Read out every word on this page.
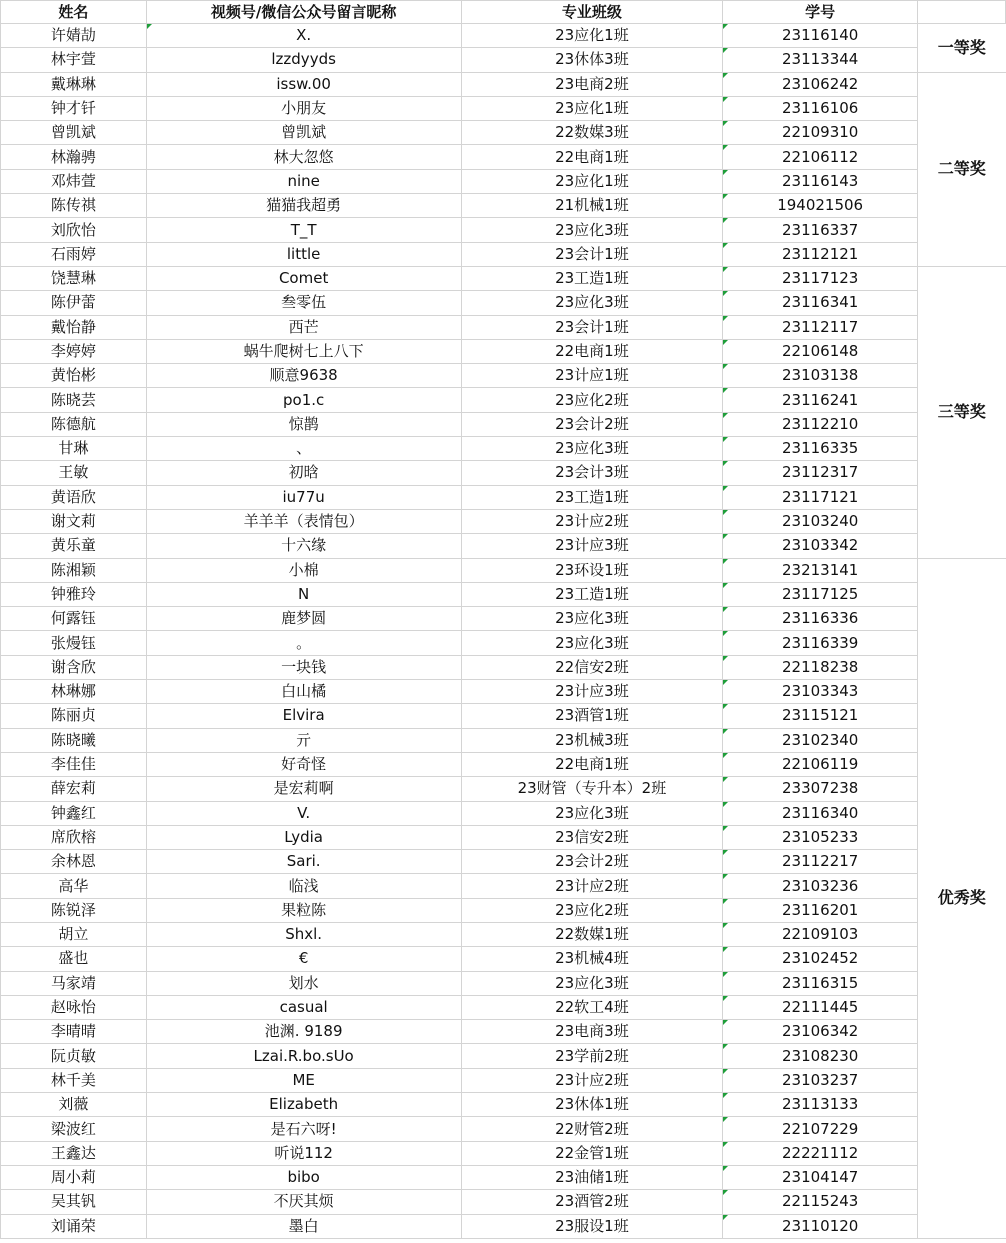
姓名	视频号/微信公众号留言昵称	专业班级	学号	
许婧劼	X.	23应化1班	23116140	一等奖
林宇萱	lzzdyyds	23休体3班	23113344	
戴琳琳	issw.00	23电商2班	23106242	二等奖
钟才钎	小朋友	23应化1班	23116106	
曾凯斌	曾凯斌	22数媒3班	22109310	
林瀚骋	林大忽悠	22电商1班	22106112	
邓炜萱	nine	23应化1班	23116143	
陈传祺	猫猫我超勇	21机械1班	194021506	
刘欣怡	T_T	23应化3班	23116337	
石雨婷	little	23会计1班	23112121	
饶慧琳	Comet	23工造1班	23117123	三等奖
陈伊蕾	叁零伍	23应化3班	23116341	
戴怡静	西芒	23会计1班	23112117	
李婷婷	蜗牛爬树七上八下	22电商1班	22106148	
黄怡彬	顺意9638	23计应1班	23103138	
陈晓芸	po1.c	23应化2班	23116241	
陈德航	惊鹊	23会计2班	23112210	
甘琳	、	23应化3班	23116335	
王敏	初晗	23会计3班	23112317	
黄语欣	iu77u	23工造1班	23117121	
谢文莉	羊羊羊（表情包）	23计应2班	23103240	
黄乐童	十六缘	23计应3班	23103342	
陈湘颖	小棉	23环设1班	23213141	优秀奖
钟雅玲	N	23工造1班	23117125	
何露钰	鹿梦⁠圆	23应化3班	23116336	
张熳钰	。	23应化3班	23116339	
谢含欣	一块钱	22信安2班	22118238	
林琳娜	白山橘	23计应3班	23103343	
陈丽贞	Elvira	23酒管1班	23115121	
陈晓曦	亓	23机械3班	23102340	
李佳佳	好奇怪	22电商1班	22106119	
薛宏莉	是宏莉啊	23财管（专升本）2班	23307238	
钟鑫红	V.	23应化3班	23116340	
席欣榕	Lydia	23信安2班	23105233	
余林恩	Sari.	23会计2班	23112217	
高华	临浅	23计应2班	23103236	
陈锐泽	果粒陈	23应化2班	23116201	
胡立	Shxl.	22数媒1班	22109103	
盛也	€	23机械4班	23102452	
马家靖	划水	23应化3班	23116315	
赵咏怡	casual	22软工4班	22111445	
李晴晴	池渊. 9189	23电商3班	23106342	
阮贞敏	Lzai.R.bo.sUo	23学前2班	23108230	
林千美	ME	23计应2班	23103237	
刘薇	Elizabeth	23休体1班	23113133	
梁波红	是石六呀!	22财管2班	22107229	
王鑫达	听说112	22金管1班	22221112	
周小莉	bibo	23油储1班	23104147	
吴其钒	不厌其烦	23酒管2班	22115243	
刘诵荣	墨白	23服设1班	23110120	
